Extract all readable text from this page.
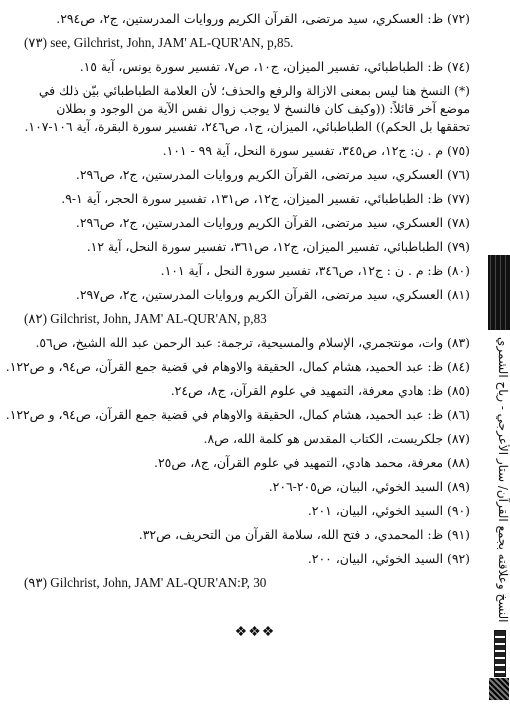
(٧٢) ظ: العسكري، سيد مرتضى، القرآن الكريم وروايات المدرستين، ج٢، ص٢٩٤.

(٧٣) see, Gilchrist, John, JAM' AL-QUR'AN, p,85.

(٧٤) ظ: الطباطبائي، تفسير الميزان، ج١٠، ص٧، تفسير سورة يونس، آية ١٥.

(*) النسخ هنا ليس بمعنى الازالة والرفع والحذف؛ لأن العلامة الطباطبائي بيّن ذلك في موضع آخر قائلاً: ((وكيف كان فالنسخ لا يوجب زوال نفس الآية من الوجود و بطلان تحققها بل الحكم)) الطباطبائي، الميزان، ج١، ص٢٤٦، تفسير سورة البقرة، آية ١٠٦-١٠٧.

(٧٥) م . ن: ج١٢، ص٣٤٥، تفسير سورة النحل، آية ٩٩ - ١٠١.

(٧٦) العسكري، سيد مرتضى، القرآن الكريم وروايات المدرستين، ج٢، ص٢٩٦.

(٧٧) ظ: الطباطبائي، تفسير الميزان، ج١٢، ص١٣١، تفسير سورة الحجر، آية ١-٩.

(٧٨) العسكري، سيد مرتضى، القرآن الكريم وروايات المدرستين، ج٢، ص٢٩٦.

(٧٩) الطباطبائي، تفسير الميزان، ج١٢، ص٣٦١، تفسير سورة النحل، آية ١٢.

(٨٠) ظ: م . ن : ج١٢، ص٣٤٦، تفسير سورة النحل ، آية ١٠١.

(٨١) العسكري، سيد مرتضى، القرآن الكريم وروايات المدرستين، ج٢، ص٢٩٧.

(٨٢) Gilchrist, John, JAM' AL-QUR'AN, p,83

(٨٣) وات، مونتجمري، الإسلام والمسيحية، ترجمة: عبد الرحمن عبد الله الشيخ، ص٥٦.

(٨٤) ظ: عبد الحميد، هشام كمال، الحقيقة والاوهام في قضية جمع القرآن، ص٩٤، و ص١٢٢.

(٨٥) ظ: هادي معرفة، التمهيد في علوم القرآن، ج٨، ص٢٤.

(٨٦) ظ: عبد الحميد، هشام كمال، الحقيقة والاوهام في قضية جمع القرآن، ص٩٤، و ص١٢٢.

(٨٧) جلكريست، الكتاب المقدس هو كلمة الله، ص٨.

(٨٨) معرفة، محمد هادي، التمهيد في علوم القرآن، ج٨، ص٢٥.

(٨٩) السيد الخوئي، البيان، ص٢٠٥-٢٠٦.

(٩٠) السيد الخوئي، البيان، ٢٠١.

(٩١) ظ: المحمدي، د فتح الله، سلامة القرآن من التحريف، ص٣٢.

(٩٢) السيد الخوئي، البيان، ٢٠٠.

(٩٣) Gilchrist, John, JAM' AL-QUR'AN:P, 30

❖❖❖
النسخ وعلاقته بجمع القرآن/ ستار الأعرجي - رياح الشمري
